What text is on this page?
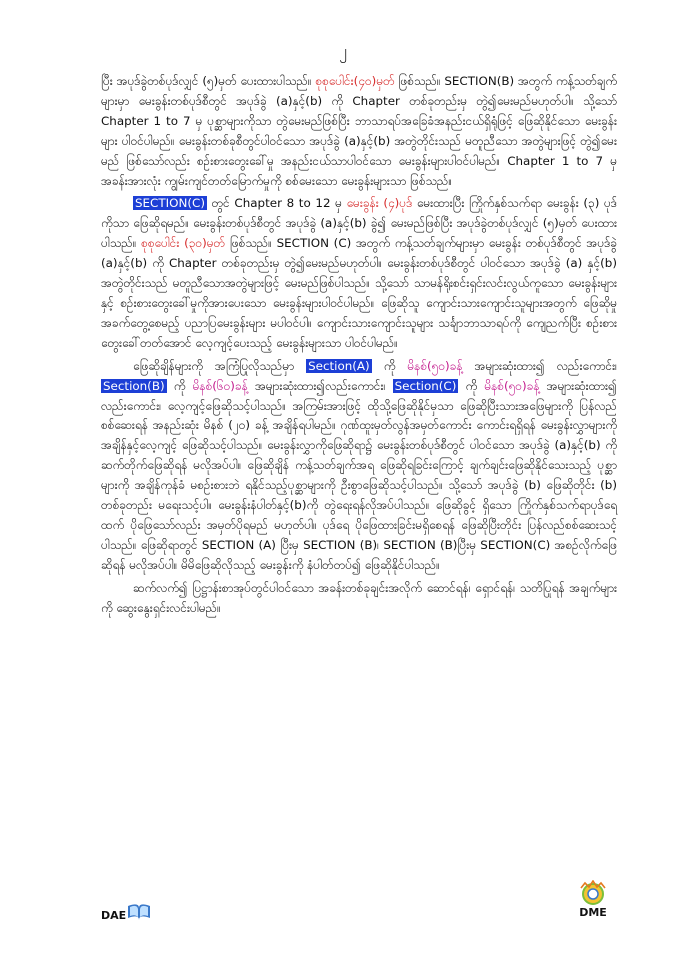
၂

ပြီး အပုဒ်ခွဲတစ်ပုဒ်လျှင် (၅)မှတ် ပေးထားပါသည်။ စုစုပေါင်း(၄၀)မှတ် ဖြစ်သည်။ SECTION(B) အတွက် ကန့်သတ်ချက်များမှာ မေးခွန်းတစ်ပုဒ်စီတွင် အပုဒ်ခွဲ (a)နှင့်(b) ကို Chapter တစ်ခုတည်းမှ တွဲ၍မေးမည်မဟုတ်ပါ။ သို့သော် Chapter 1 to 7 မှ ပုစ္ဆာများကိုသာ တွဲမေးမည်ဖြစ်ပြီး ဘာသာရပ်အခြေခံအနည်းငယ်ရှိရုံဖြင့် ဖြေဆိုနိုင်သော မေးခွန်းများ ပါဝင်ပါမည်။ မေးခွန်းတစ်ခုစီတွင်ပါဝင်သော အပုဒ်ခွဲ (a)နှင့်(b) အတွဲတိုင်းသည် မတူညီသော အတွဲများဖြင့် တွဲ၍မေးမည် ဖြစ်သော်လည်း စဉ်းစားတွေးခေါ်မှု အနည်းငယ်သာပါဝင်သော မေးခွန်းများပါဝင်ပါမည်။ Chapter 1 to 7 မှ အခန်းအားလုံး ကျွမ်းကျင်တတ်မြောက်မှုကို စစ်မေးသော မေးခွန်းများသာ ဖြစ်သည်။

SECTION(C) တွင် Chapter 8 to 12 မှ မေးခွန်း (၄)ပုဒ် မေးထားပြီး ကြိုက်နှစ်သက်ရာ မေးခွန်း (၃) ပုဒ် ကိုသာ ဖြေဆိုရမည်။ မေးခွန်းတစ်ပုဒ်စီတွင် အပုဒ်ခွဲ (a)နှင့်(b) ခွဲ၍ မေးမည်ဖြစ်ပြီး အပုဒ်ခွဲတစ်ပုဒ်လျှင် (၅)မှတ် ပေးထားပါသည်။ စုစုပေါင်း (၃၀)မှတ် ဖြစ်သည်။ SECTION (C) အတွက် ကန့်သတ်ချက်များမှာ မေးခွန်း တစ်ပုဒ်စီတွင် အပုဒ်ခွဲ (a)နှင့်(b) ကို Chapter တစ်ခုတည်းမှ တွဲ၍မေးမည်မဟုတ်ပါ။ မေးခွန်းတစ်ပုဒ်စီတွင် ပါဝင်သော အပုဒ်ခွဲ (a) နှင့်(b) အတွဲတိုင်းသည် မတူညီသောအတွဲများဖြင့် မေးမည်ဖြစ်ပါသည်။ သို့သော် သာမန်ရိုးစင်းရှင်းလင်းလွယ်ကူသော မေးခွန်းများနှင့် စဉ်းစားတွေးခေါ်မှုကိုအားပေးသော မေးခွန်းများပါဝင်ပါမည်။ ဖြေဆိုသူ ကျောင်းသားကျောင်းသူများအတွက် ဖြေဆိုမှုအခက်တွေ့စေမည့် ပညာပြမေးခွန်းများ မပါဝင်ပါ။ ကျောင်းသားကျောင်းသူများ သင်္ချာဘာသာရပ်ကို ကျေညက်ပြီး စဉ်းစားတွေးခေါ်တတ်အောင် လေ့ကျင့်ပေးသည့် မေးခွန်းများသာ ပါဝင်ပါမည်။

ဖြေဆိုချိန်များကို အကြံပြုလိုသည်မှာ Section(A) ကို မိနစ်(၅၀)ခန့် အများဆုံးထား၍ လည်းကောင်း၊ Section(B) ကို မိနစ်(၆၀)ခန့် အများဆုံးထား၍လည်းကောင်း၊ Section(C) ကို မိနစ်(၅၀)ခန့် အများဆုံးထား၍ လည်းကောင်း၊ လေ့ကျင့်ဖြေဆိုသင့်ပါသည်။ အကြမ်းအားဖြင့် ထိုသို့ဖြေဆိုနိုင်မှသာ ဖြေဆိုပြီးသားအဖြေများကို ပြန်လည်စစ်ဆေးရန် အနည်းဆုံး မိနစ် (၂၀) ခန့် အချိန်ရပါမည်။ ဂုဏ်ထူးမှတ်လွန်အမှတ်ကောင်း ကောင်းရရှိရန် မေးခွန်းလွှာများကို အချိန်နှင့်လေ့ကျင့် ဖြေဆိုသင့်ပါသည်။ မေးခွန်းလွှာကိုဖြေဆိုရာ၌ မေးခွန်းတစ်ပုဒ်စီတွင် ပါဝင်သော အပုဒ်ခွဲ (a)နှင့်(b) ကို ဆက်တိုက်ဖြေဆိုရန် မလိုအပ်ပါ။ ဖြေဆိုချိန် ကန့်သတ်ချက်အရ ဖြေဆိုရခြင်းကြောင့် ချက်ချင်းဖြေဆိုနိုင်သေးသည့် ပုစ္ဆာများကို အချိန်ကုန်ခံ မစဉ်းစားဘဲ ရနိုင်သည့်ပုစ္ဆာများကို ဦးစွာဖြေဆိုသင့်ပါသည်။ သို့သော် အပုဒ်ခွဲ (b) ဖြေဆိုတိုင်း (b) တစ်ခုတည်း မရေးသင့်ပါ။ မေးခွန်းနံပါတ်နှင့်(b)ကို တွဲရေးရန်လိုအပ်ပါသည်။ ဖြေဆိုခွင့် ရှိသော ကြိုက်နှစ်သက်ရာပုဒ်ရေထက် ပိုဖြေသော်လည်း အမှတ်ပိုရမည် မဟုတ်ပါ။ ပုဒ်ရေ ပိုဖြေထားခြင်းမရှိစေရန် ဖြေဆိုပြီးတိုင်း ပြန်လည်စစ်ဆေးသင့်ပါသည်။ ဖြေဆိုရာတွင် SECTION (A) ပြီးမှ SECTION (B)၊ SECTION (B)ပြီးမှ SECTION(C) အစဉ်လိုက်ဖြေဆိုရန် မလိုအပ်ပါ။ မိမိဖြေဆိုလိုသည့် မေးခွန်းကို နံပါတ်တပ်၍ ဖြေဆိုနိုင်ပါသည်။

ဆက်လက်၍ ပြဋ္ဌာန်းစာအုပ်တွင်ပါဝင်သော အခန်းတစ်ခုချင်းအလိုက် ဆောင်ရန်၊ ရှောင်ရန်၊ သတိပြုရန် အချက်များကို ဆွေးနွေးရှင်းလင်းပါမည်။

DAE	DME
